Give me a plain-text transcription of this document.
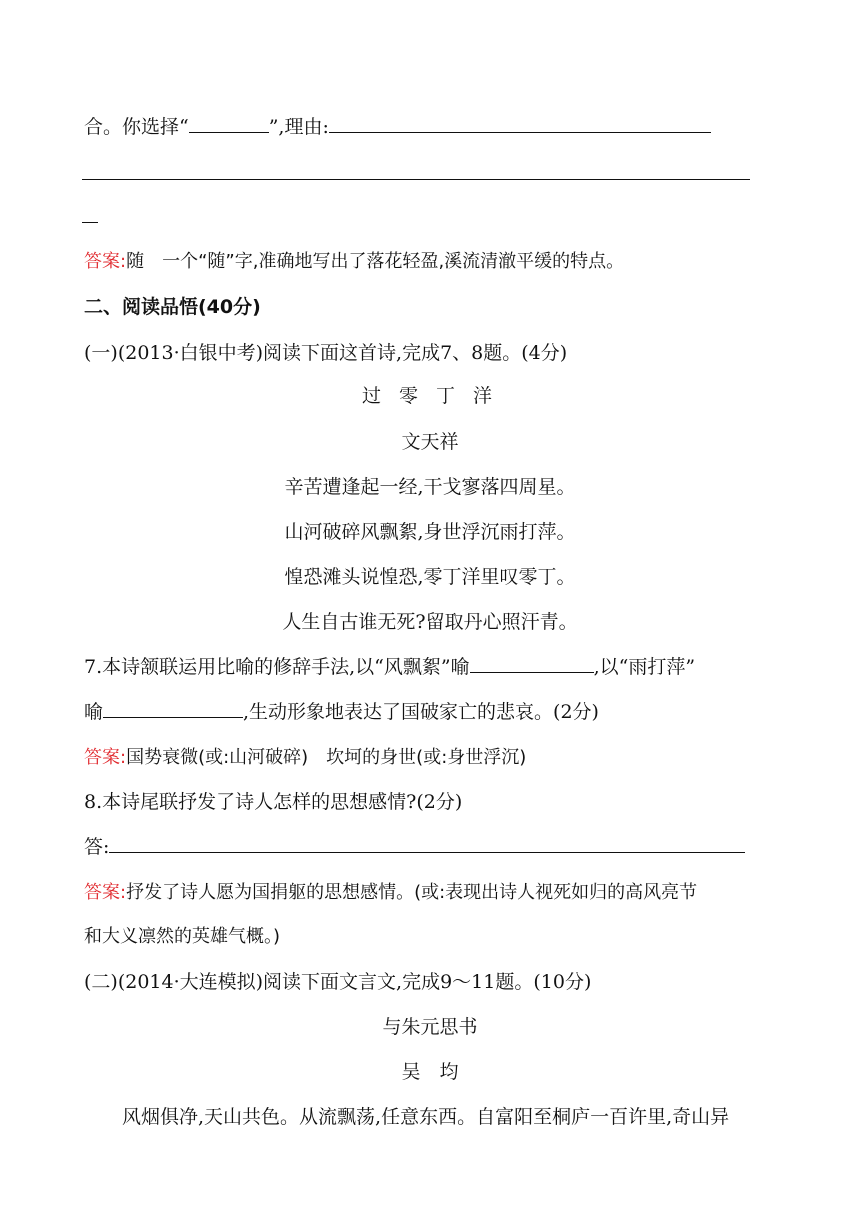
合。你选择“	”,理由:
答案:随　一个“随”字,准确地写出了落花轻盈,溪流清澈平缓的特点。
二、阅读品悟(40分)
(一)(2013·白银中考)阅读下面这首诗,完成7、8题。(4分)
过 零 丁 洋
文天祥
辛苦遭逢起一经,干戈寥落四周星。
山河破碎风飘絮,身世浮沉雨打萍。
惶恐滩头说惶恐,零丁洋里叹零丁。
人生自古谁无死?留取丹心照汗青。
7.本诗颔联运用比喻的修辞手法,以“风飘絮”喻	,以“雨打萍”
喻	,生动形象地表达了国破家亡的悲哀。(2分)
答案:国势衰微(或:山河破碎)　坎坷的身世(或:身世浮沉)
8.本诗尾联抒发了诗人怎样的思想感情?(2分)
答:
答案:抒发了诗人愿为国捐躯的思想感情。(或:表现出诗人视死如归的高风亮节
和大义凛然的英雄气概。)
(二)(2014·大连模拟)阅读下面文言文,完成9～11题。(10分)
与朱元思书
吴　均
风烟俱净,天山共色。从流飘荡,任意东西。自富阳至桐庐一百许里,奇山异
